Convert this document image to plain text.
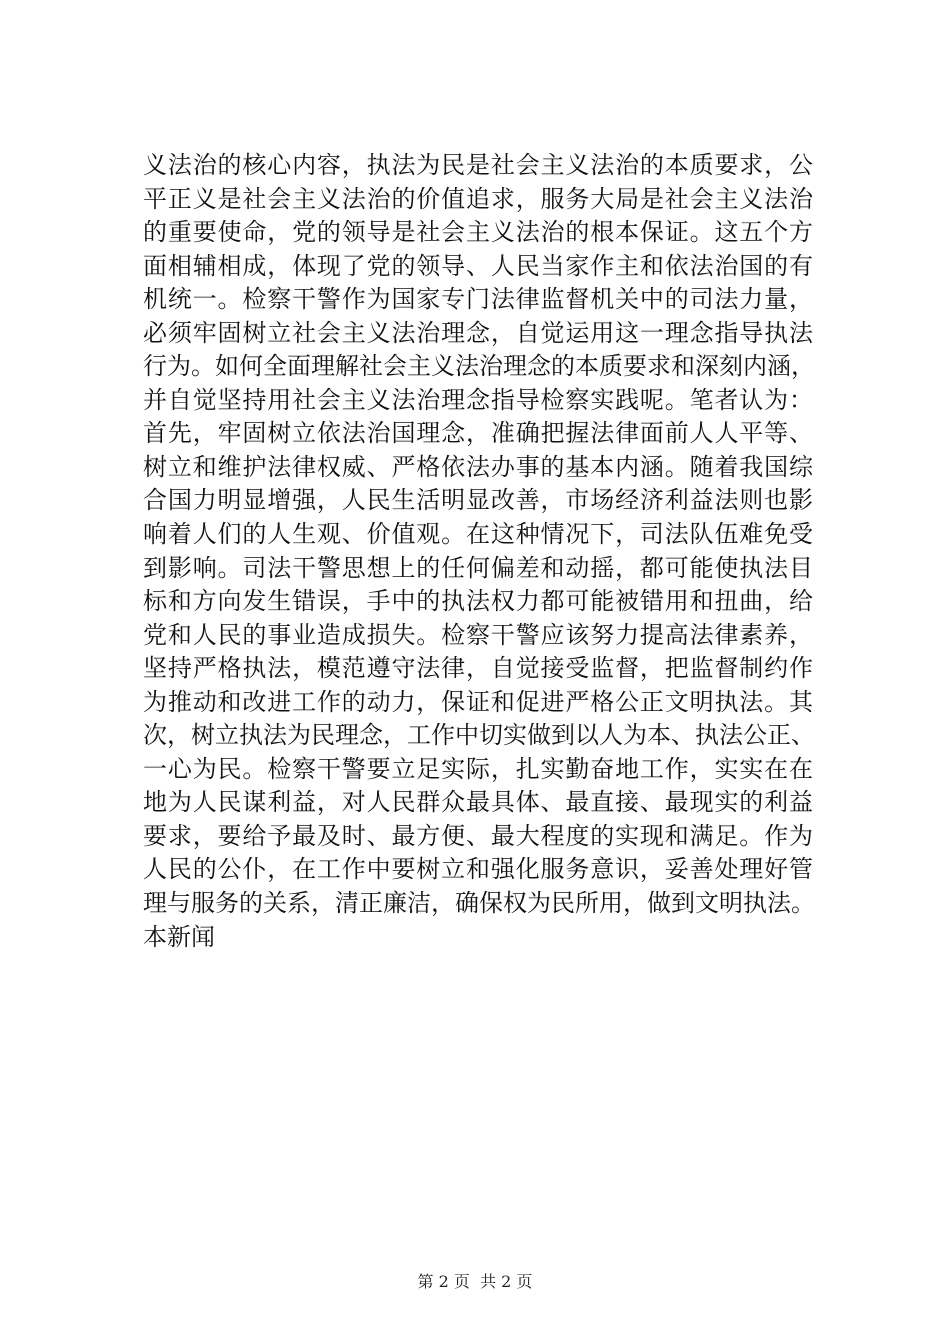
义法治的核心内容，执法为民是社会主义法治的本质要求，公
平正义是社会主义法治的价值追求，服务大局是社会主义法治
的重要使命，党的领导是社会主义法治的根本保证。这五个方
面相辅相成，体现了党的领导、人民当家作主和依法治国的有
机统一。检察干警作为国家专门法律监督机关中的司法力量，
必须牢固树立社会主义法治理念，自觉运用这一理念指导执法
行为。如何全面理解社会主义法治理念的本质要求和深刻内涵，
并自觉坚持用社会主义法治理念指导检察实践呢。笔者认为：
首先，牢固树立依法治国理念，准确把握法律面前人人平等、
树立和维护法律权威、严格依法办事的基本内涵。随着我国综
合国力明显增强，人民生活明显改善，市场经济利益法则也影
响着人们的人生观、价值观。在这种情况下，司法队伍难免受
到影响。司法干警思想上的任何偏差和动摇，都可能使执法目
标和方向发生错误，手中的执法权力都可能被错用和扭曲，给
党和人民的事业造成损失。检察干警应该努力提高法律素养，
坚持严格执法，模范遵守法律，自觉接受监督，把监督制约作
为推动和改进工作的动力，保证和促进严格公正文明执法。其
次，树立执法为民理念，工作中切实做到以人为本、执法公正、
一心为民。检察干警要立足实际，扎实勤奋地工作，实实在在
地为人民谋利益，对人民群众最具体、最直接、最现实的利益
要求，要给予最及时、最方便、最大程度的实现和满足。作为
人民的公仆，在工作中要树立和强化服务意识，妥善处理好管
理与服务的关系，清正廉洁，确保权为民所用，做到文明执法。
本新闻
第 2 页  共 2 页
